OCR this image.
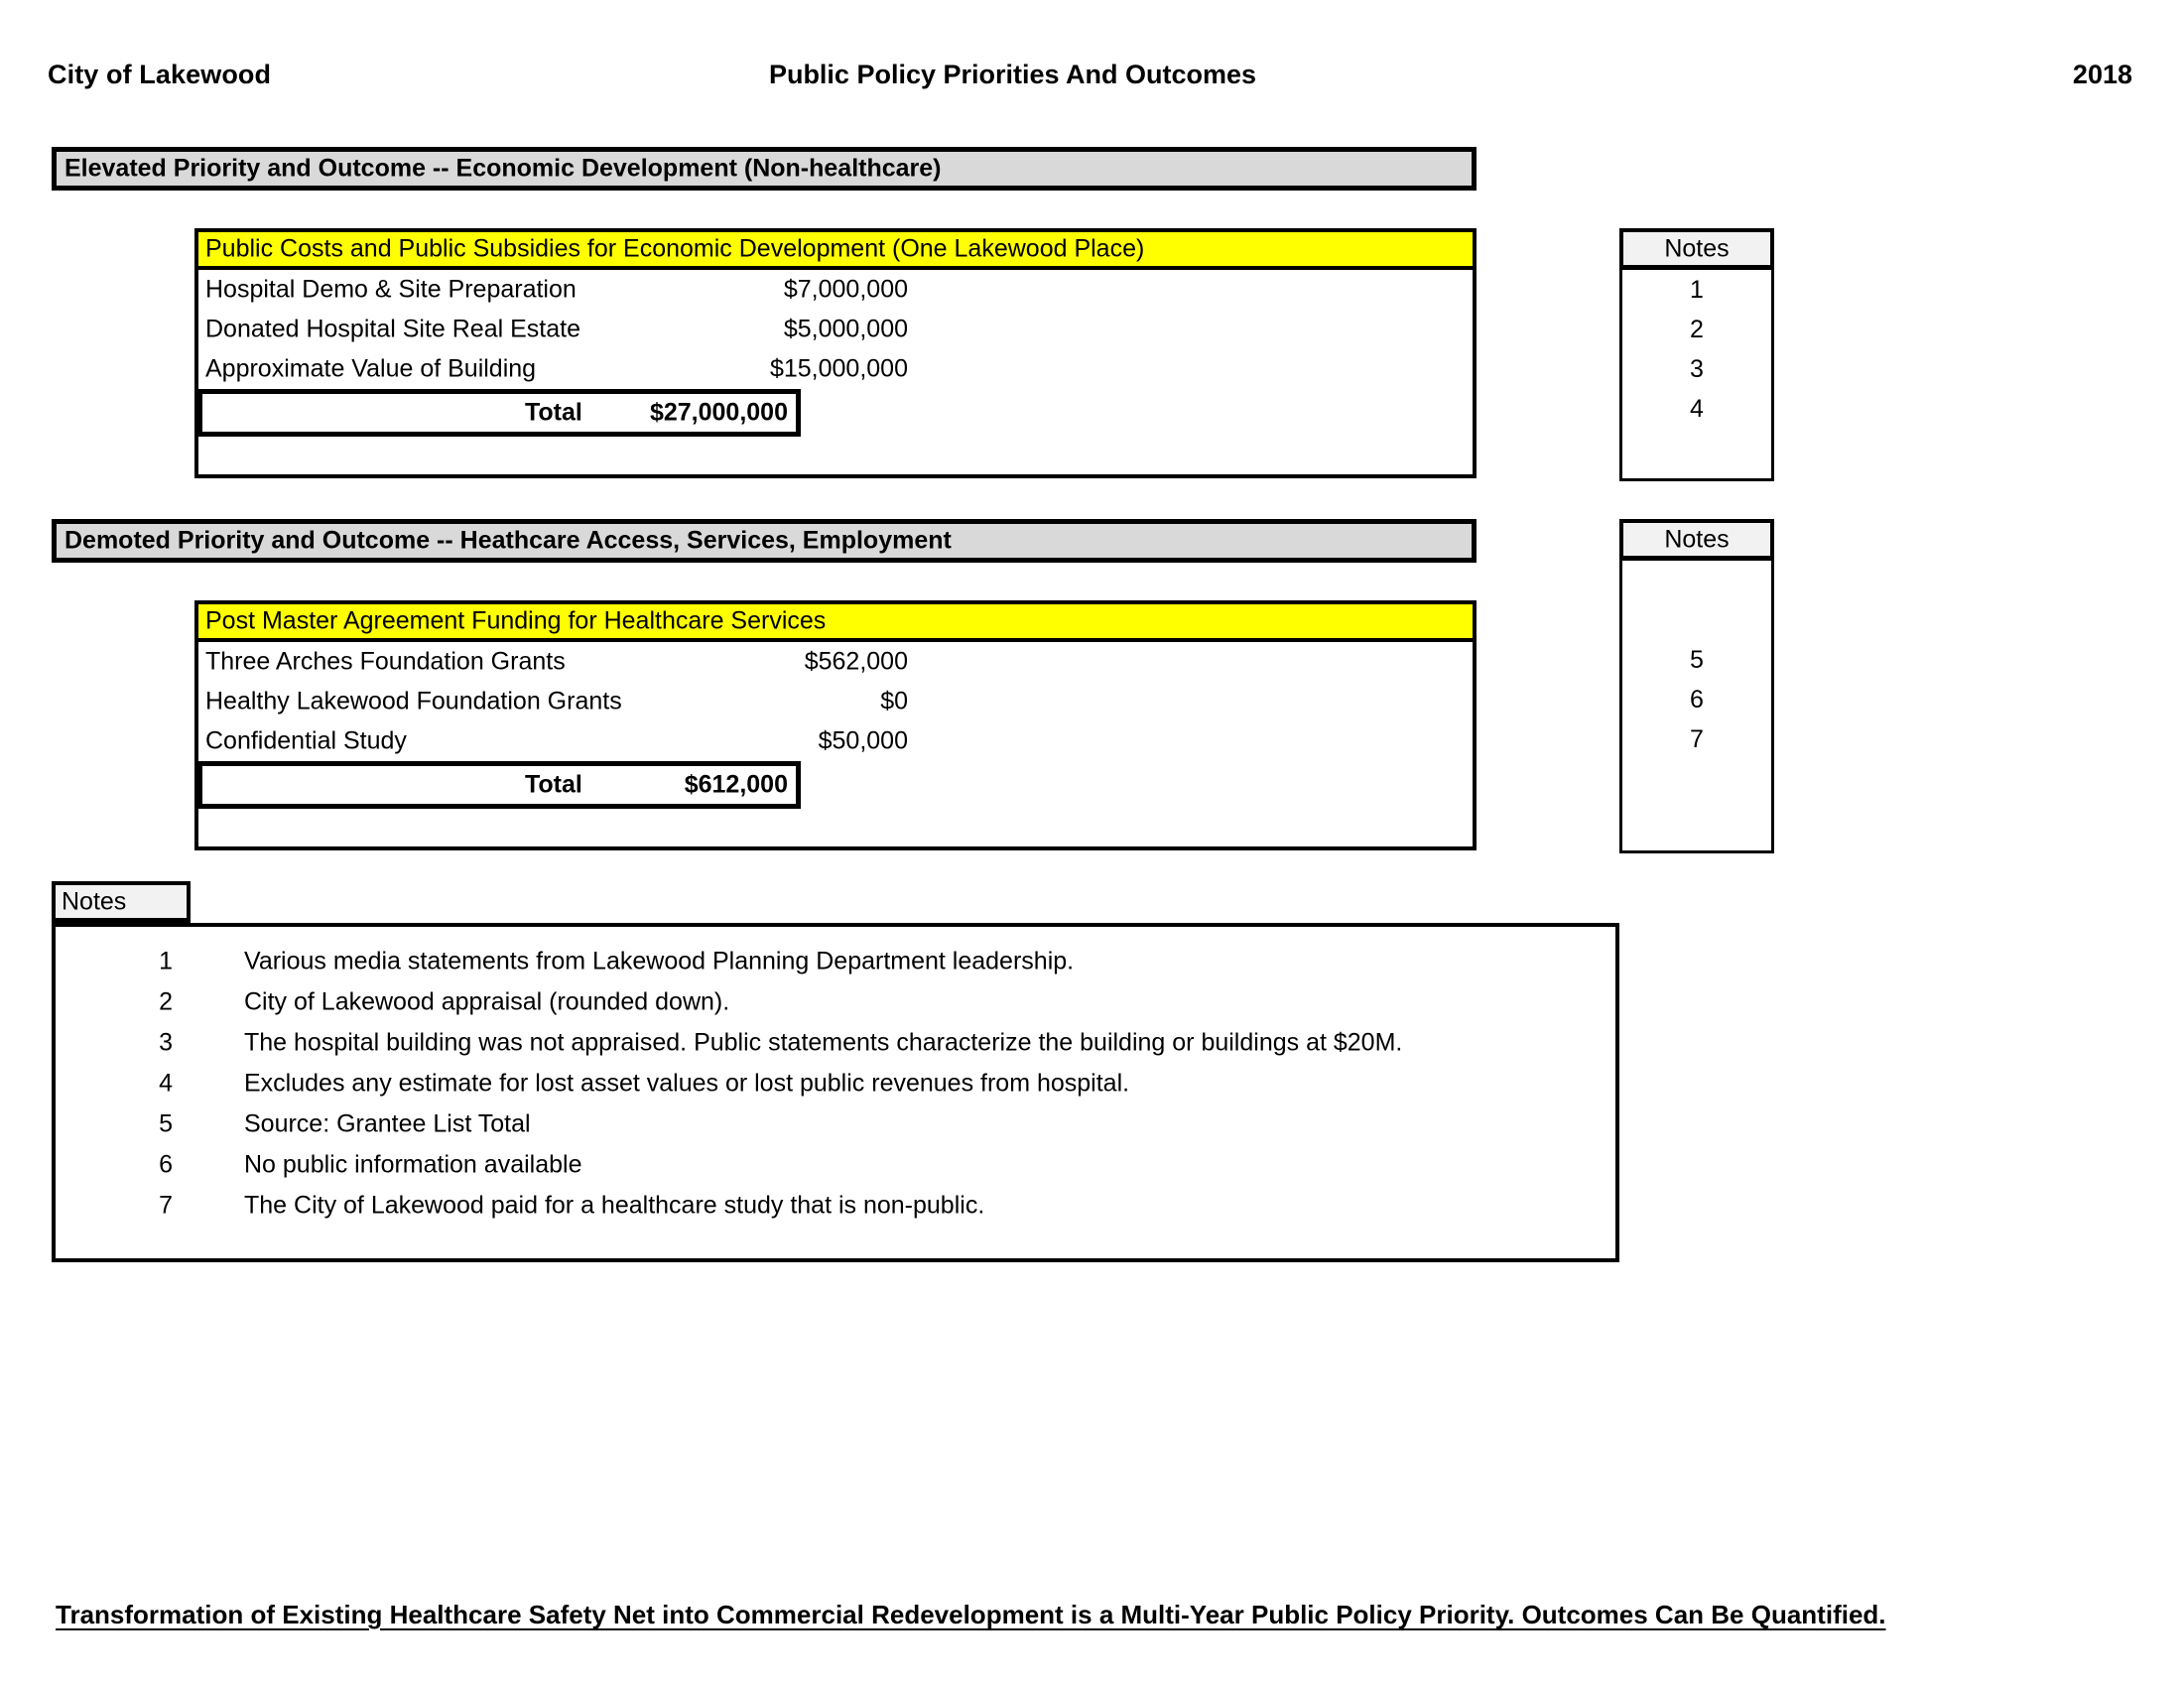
City of Lakewood	Public Policy Priorities And Outcomes	2018
Elevated Priority and Outcome -- Economic Development (Non-healthcare)
Public Costs and Public Subsidies for Economic Development (One Lakewood Place)
Hospital Demo & Site Preparation	$7,000,000
Donated Hospital Site Real Estate	$5,000,000
Approximate Value of Building	$15,000,000
Total	$27,000,000
Notes
1
2
3
4
Demoted Priority and Outcome -- Heathcare Access, Services, Employment
Post Master Agreement Funding for Healthcare Services
Three Arches Foundation Grants	$562,000
Healthy Lakewood Foundation Grants	$0
Confidential Study	$50,000
Total	$612,000
Notes
5
6
7
Notes
1	Various media statements from Lakewood Planning Department leadership.
2	City of Lakewood appraisal (rounded down).
3	The hospital building was not appraised. Public statements characterize the building or buildings at $20M.
4	Excludes any estimate for lost asset values or lost public revenues from hospital.
5	Source: Grantee List Total
6	No public information available
7	The City of Lakewood paid for a healthcare study that is non-public.
Transformation of Existing Healthcare Safety Net into Commercial Redevelopment is a Multi-Year Public Policy Priority. Outcomes Can Be Quantified.
